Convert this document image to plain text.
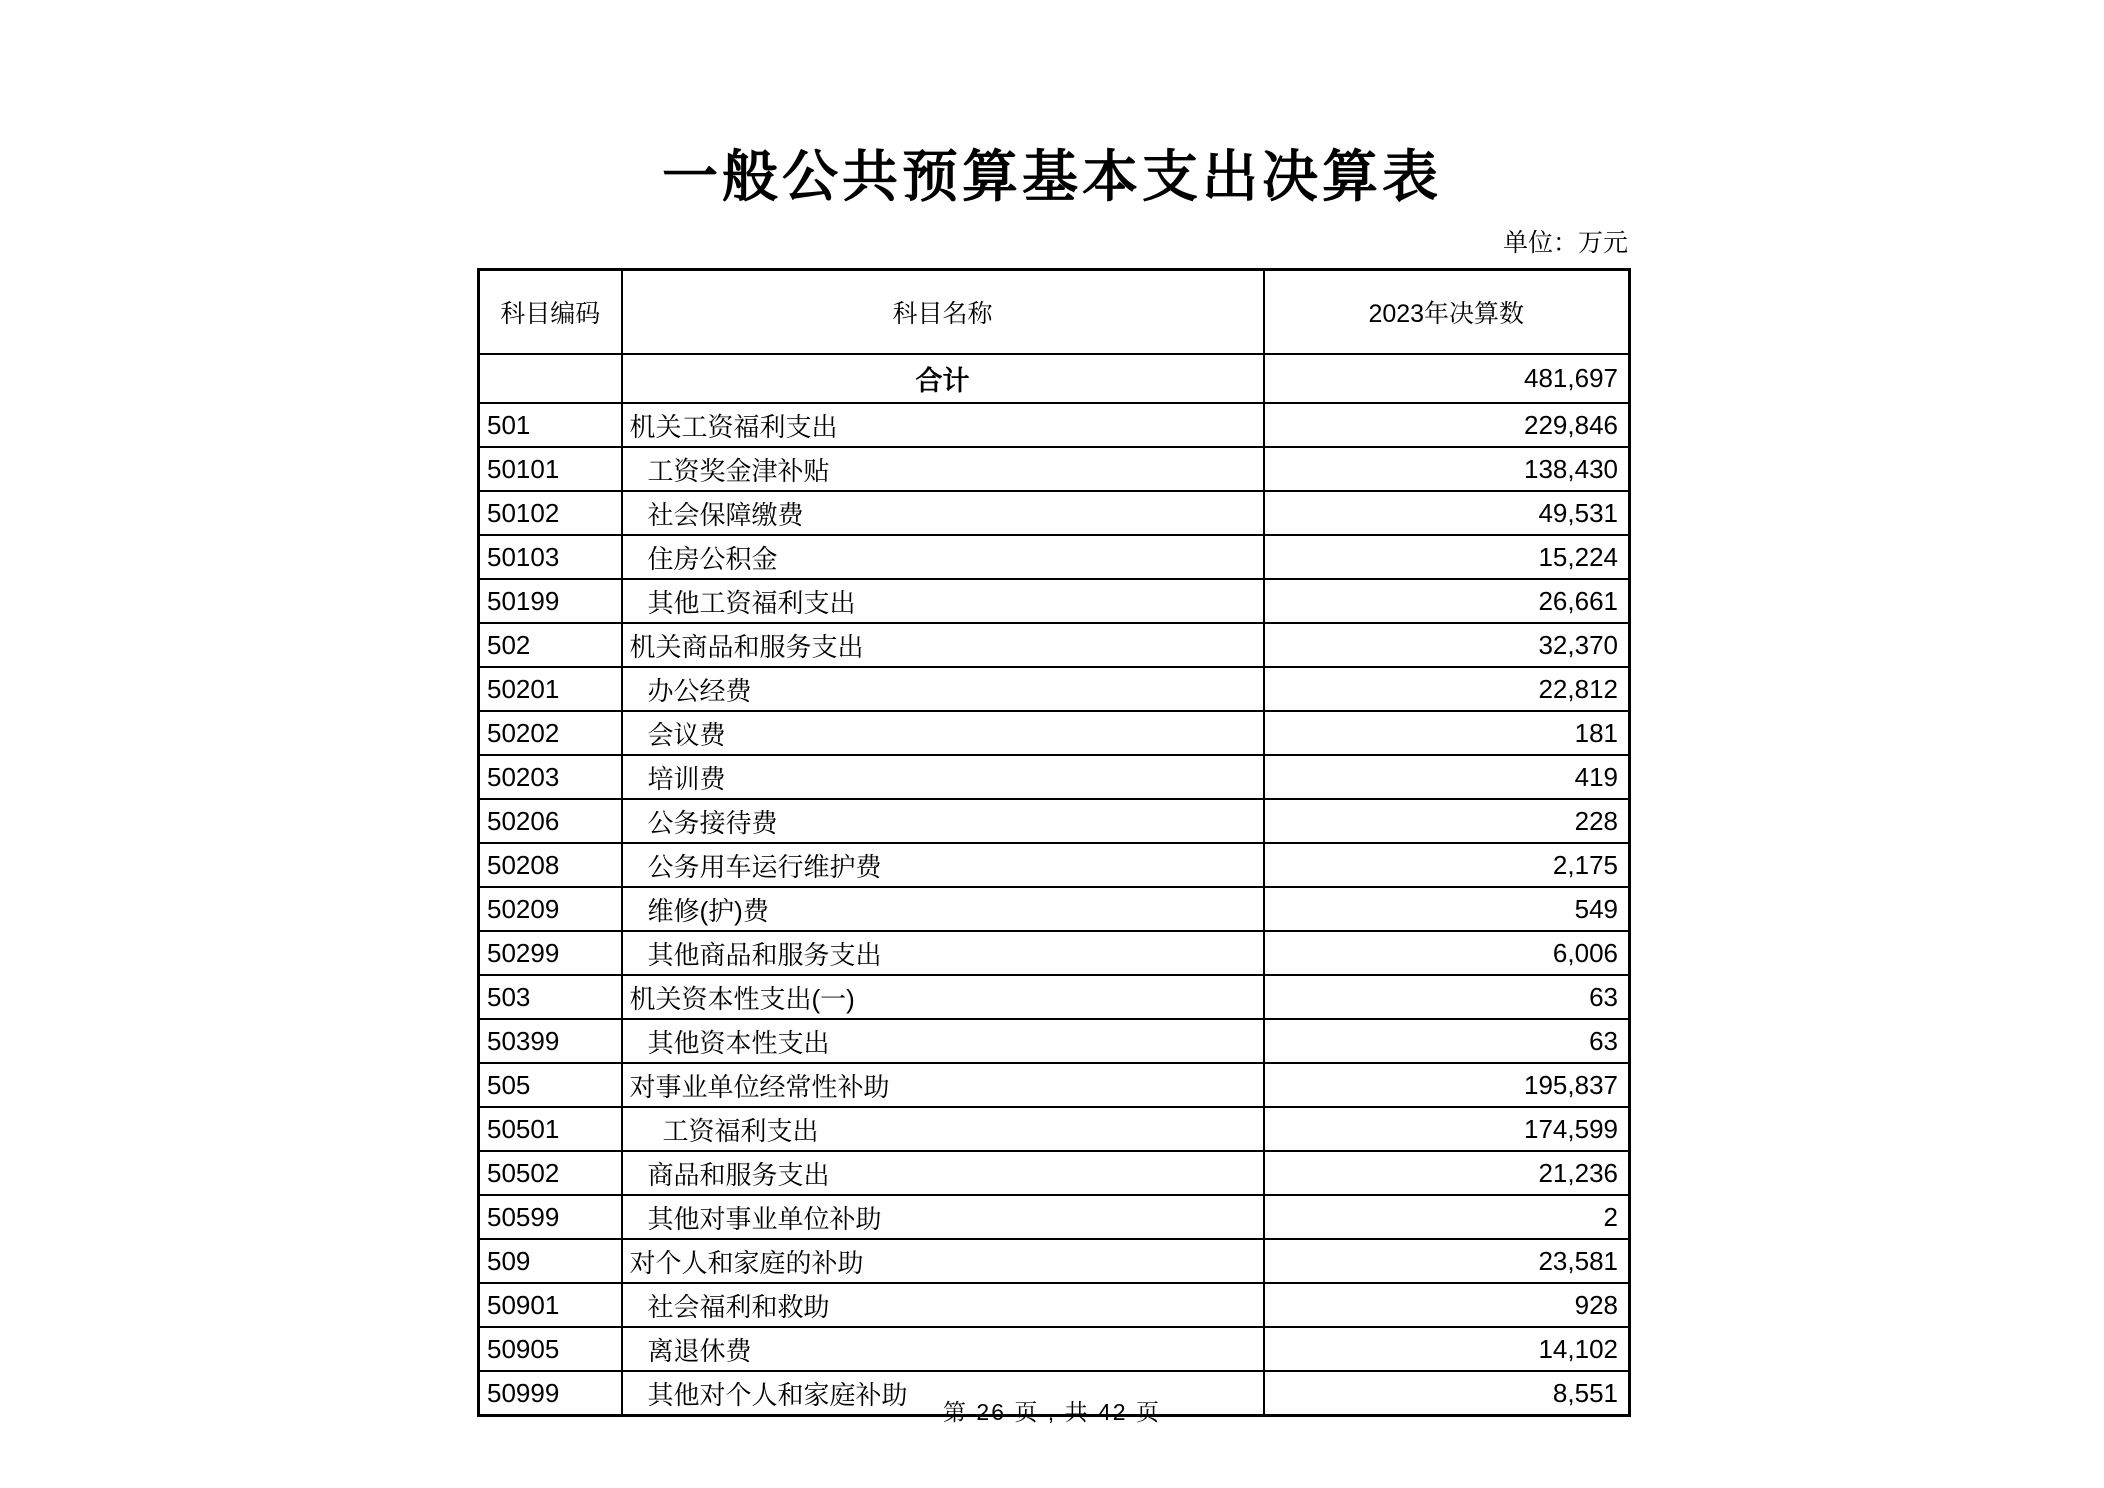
一般公共预算基本支出决算表
单位：万元
科目编码	科目名称	2023年决算数
	合计	481,697
501	机关工资福利支出	229,846
50101	工资奖金津补贴	138,430
50102	社会保障缴费	49,531
50103	住房公积金	15,224
50199	其他工资福利支出	26,661
502	机关商品和服务支出	32,370
50201	办公经费	22,812
50202	会议费	181
50203	培训费	419
50206	公务接待费	228
50208	公务用车运行维护费	2,175
50209	维修(护)费	549
50299	其他商品和服务支出	6,006
503	机关资本性支出(一)	63
50399	其他资本性支出	63
505	对事业单位经常性补助	195,837
50501	工资福利支出	174,599
50502	商品和服务支出	21,236
50599	其他对事业单位补助	2
509	对个人和家庭的补助	23,581
50901	社会福利和救助	928
50905	离退休费	14,102
50999	其他对个人和家庭补助	8,551
第 26 页 , 共 42 页
